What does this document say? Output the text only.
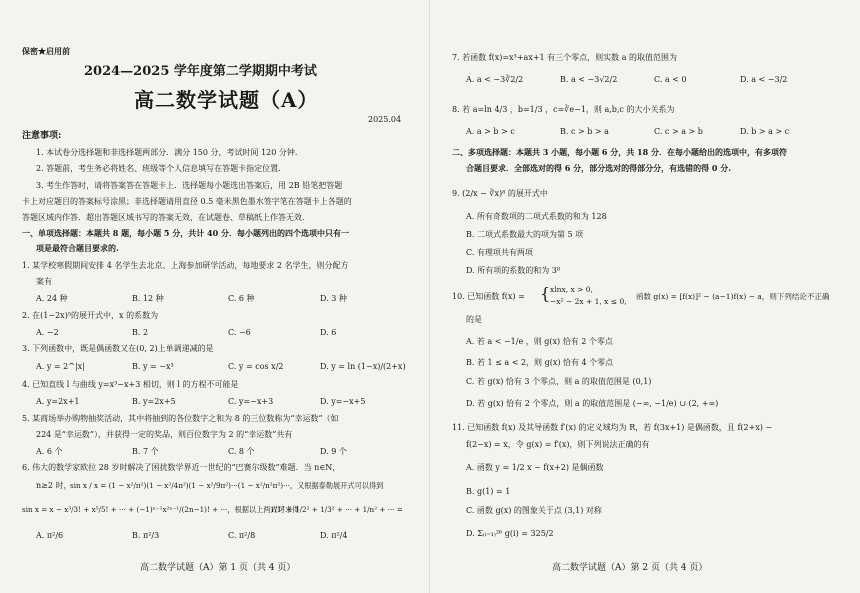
保密★启用前
2024—2025 学年度第二学期期中考试
高二数学试题（A）
2025.04
注意事项:
1. 本试卷分选择题和非选择题两部分．满分 150 分，考试时间 120 分钟.
2. 答题前，考生务必将姓名、班级等个人信息填写在答题卡指定位置.
3. 考生作答时，请将答案答在答题卡上．选择题每小题选出答案后，用 2B 铅笔把答题
卡上对应题目的答案标号涂黑；非选择题请用直径 0.5 毫米黑色墨水签字笔在答题卡上各题的
答题区域内作答．超出答题区域书写的答案无效，在试题卷、草稿纸上作答无效.
一、单项选择题：本题共 8 题，每小题 5 分，共计 40 分．每小题列出的四个选项中只有一
项是最符合题目要求的.
1. 某学校寒假期间安排 4 名学生去北京、上海参加研学活动，每地要求 2 名学生，则分配方
案有
A. 24 种	B. 12 种	C. 6 种	D. 3 种
2. 在(1−2x)⁵的展开式中，x 的系数为
A. −2	B. 2	C. −6	D. 6
3. 下列函数中，既是偶函数又在(0, 2)上单调递减的是
A. y = 2^|x|	B. y = −x³	C. y = cos x/2	D. y = ln (1−x)/(2+x)
4. 已知直线 l 与曲线 y=x³−x+3 相切，则 l 的方程不可能是
A. y=2x+1	B. y=2x+5	C. y=−x+3	D. y=−x+5
5. 某商场举办购物抽奖活动，其中将抽到的各位数字之和为 8 的三位数称为“幸运数”（如
224 是“幸运数”），并获得一定的奖品，则百位数字为 2 的“幸运数”共有
A. 6 个	B. 7 个	C. 8 个	D. 9 个
6. 伟大的数学家欧拉 28 岁时解决了困扰数学界近一世纪的“巴赛尔级数”难题．当 n∈N，
n≥2 时，
sin x / x = (1 − x²/π²)(1 − x²/4π²)(1 − x²/9π²)···(1 − x²/n²π²)···，又根据泰勒展开式可以得到
sin x = x − x³/3! + x⁵/5! + ··· + (−1)ⁿ⁻¹x²ⁿ⁻¹/(2n−1)! + ···，根据以上两式可求得
1/1² + 1/2² + 1/3² + ··· + 1/n² + ··· =
A. π²/6	B. π²/3	C. π²/8	D. π²/4
高二数学试题（A）第 1 页（共 4 页）
7. 若函数 f(x)=x³+ax+1 有三个零点，则实数 a 的取值范围为
A. a < −3∛2/2	B. a < −3√2/2	C. a < 0	D. a < −3/2
8. 若 a=ln 4/3 ，b=1/3 ，c=∛e−1，则 a,b,c 的大小关系为
A. a > b > c	B. c > b > a	C. c > a > b	D. b > a > c
二、多项选择题：本题共 3 小题，每小题 6 分，共 18 分．在每小题给出的选项中，有多项符
合题目要求．全部选对的得 6 分，部分选对的得部分分，有选错的得 0 分.
9. (2/x − ∛x)⁸ 的展开式中
A. 所有奇数项的二项式系数的和为 128
B. 二项式系数最大的项为第 5 项
C. 有理项共有两项
D. 所有项的系数的和为 3⁸
10. 已知函数 f(x) = { xlnx, x > 0,
−x² − 2x + 1, x ≤ 0,
函数 g(x) = [f(x)]² − (a−1)f(x) − a，则下列结论不正确
的是
A. 若 a < −1/e ，则 g(x) 恰有 2 个零点
B. 若 1 ≤ a < 2，则 g(x) 恰有 4 个零点
C. 若 g(x) 恰有 3 个零点，则 a 的取值范围是 (0,1)
D. 若 g(x) 恰有 2 个零点，则 a 的取值范围是 (−∞, −1/e) ∪ (2, +∞)
11. 已知函数 f(x) 及其导函数 f′(x) 的定义域均为 R，若 f(3x+1) 是偶函数，且 f(2+x) −
f(2−x) = x，令 g(x) = f′(x)，则下列说法正确的有
A. 函数 y = 1/2 x − f(x+2) 是偶函数
B. g(1) = 1
C. 函数 g(x) 的图象关于点 (3,1) 对称
D. Σ₍ᵢ₌₁₎²⁶ g(i) = 325/2
高二数学试题（A）第 2 页（共 4 页）
